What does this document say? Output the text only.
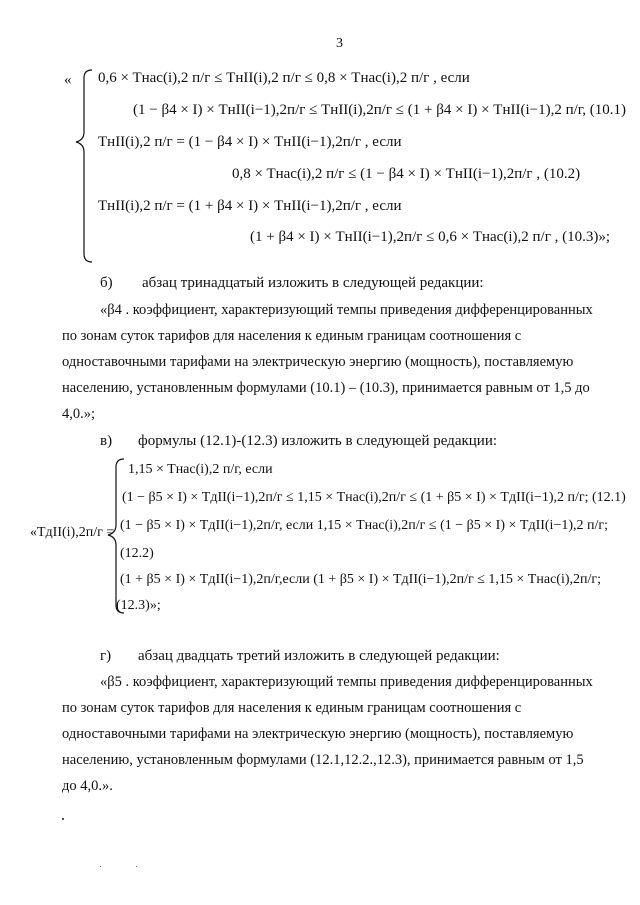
3
« 0,6 × Tнас(i),2 п/г ≤ TнII(i),2 п/г ≤ 0,8 × Tнас(i),2 п/г , если
(1 − β4 × I) × TнII(i−1),2п/г ≤ TнII(i),2п/г ≤ (1 + β4 × I) × TнII(i−1),2 п/г, (10.1)
TнII(i),2 п/г = (1 − β4 × I) × TнII(i−1),2п/г , если
0,8 × Tнас(i),2 п/г ≤ (1 − β4 × I) × TнII(i−1),2п/г , (10.2)
TнII(i),2 п/г = (1 + β4 × I) × TнII(i−1),2п/г , если
(1 + β4 × I) × TнII(i−1),2п/г ≤ 0,6 × Tнас(i),2 п/г , (10.3)»;
б) абзац тринадцатый изложить в следующей редакции:
«β4 . коэффициент, характеризующий темпы приведения дифференцированных
по зонам суток тарифов для населения к единым границам соотношения с
одноставочными тарифами на электрическую энергию (мощность), поставляемую
населению, установленным формулами (10.1) – (10.3), принимается равным от 1,5 до
4,0.»;
в) формулы (12.1)-(12.3) изложить в следующей редакции:
«TдII(i),2п/г =
1,15 × Tнас(i),2 п/г, если
(1 − β5 × I) × TдII(i−1),2п/г ≤ 1,15 × Tнас(i),2п/г ≤ (1 + β5 × I) × TдII(i−1),2 п/г; (12.1)
(1 − β5 × I) × TдII(i−1),2п/г, если 1,15 × Tнас(i),2п/г ≤ (1 − β5 × I) × TдII(i−1),2 п/г;
(12.2)
(1 + β5 × I) × TдII(i−1),2п/г,если (1 + β5 × I) × TдII(i−1),2п/г ≤ 1,15 × Tнас(i),2п/г;
(12.3)»;
г) абзац двадцать третий изложить в следующей редакции:
«β5 . коэффициент, характеризующий темпы приведения дифференцированных
по зонам суток тарифов для населения к единым границам соотношения с
одноставочными тарифами на электрическую энергию (мощность), поставляемую
населению, установленным формулами (12.1,12.2.,12.3), принимается равным от 1,5
до 4,0.».
